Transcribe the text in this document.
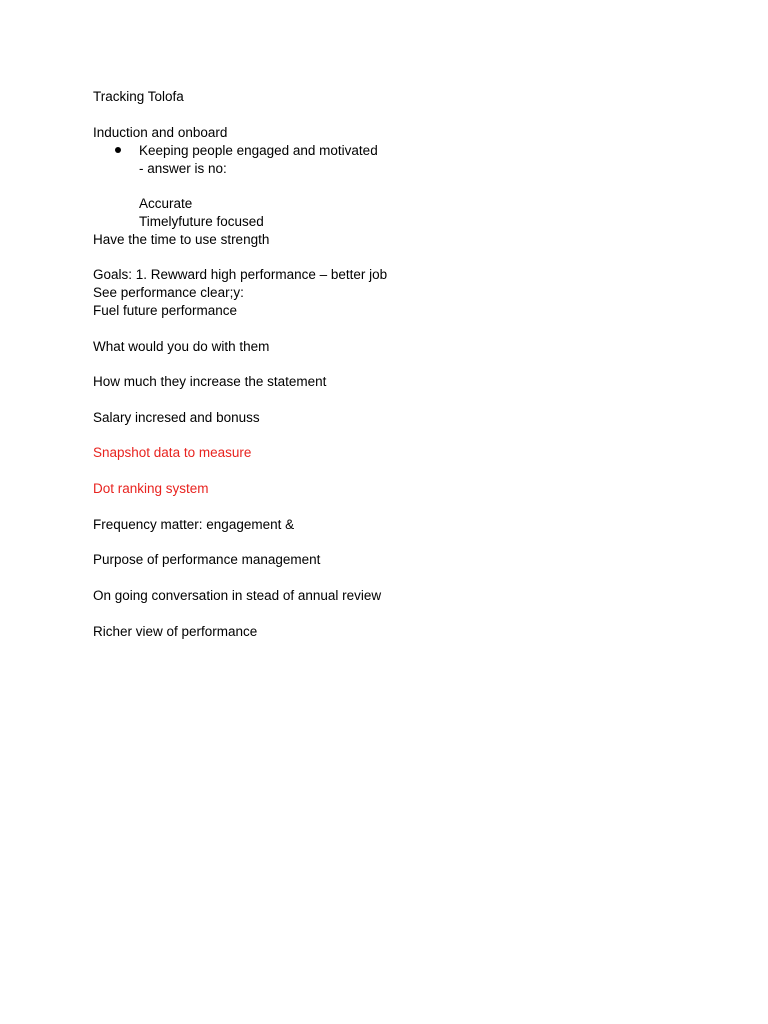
Tracking Tolofa
Induction and onboard
Keeping people engaged and motivated
- answer is no:
Accurate
Timelyfuture focused
Have the time to use strength
Goals: 1. Rewward high performance – better job
See performance clear;y:
Fuel future performance
What would you do with them
How much they increase the statement
Salary incresed and bonuss
Snapshot data to measure
Dot ranking system
Frequency matter: engagement &
Purpose of performance management
On going conversation in stead of annual review
Richer view of performance
